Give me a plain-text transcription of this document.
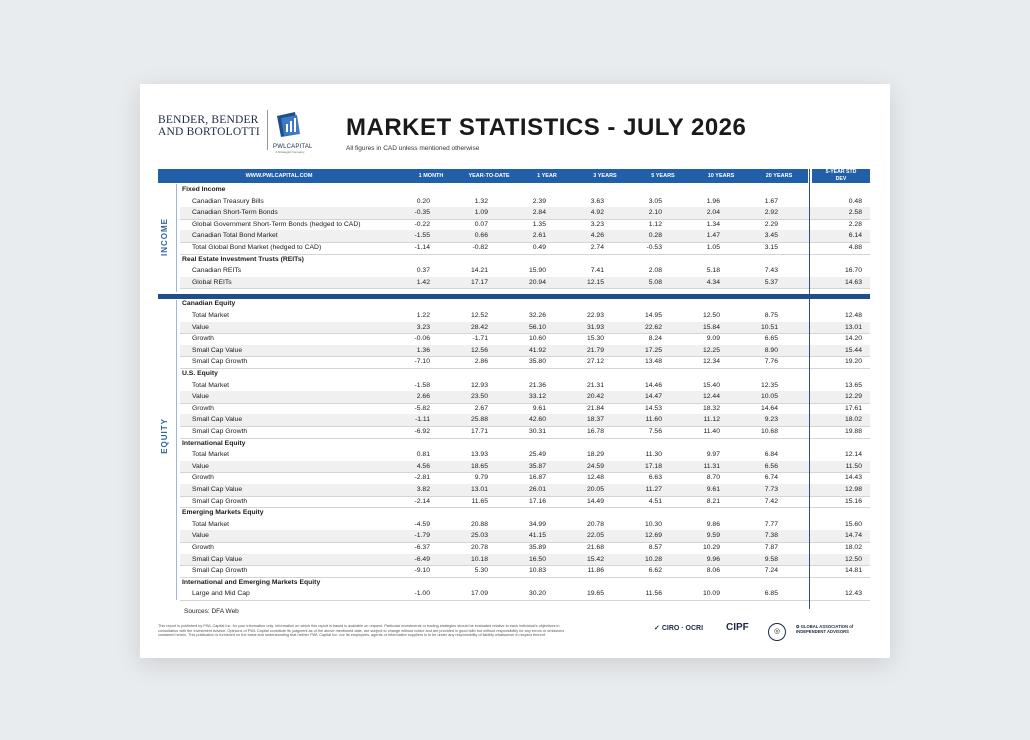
BENDER, BENDER
AND BORTOLOTTI
PWLCAPITAL
A Strategist Company
MARKET STATISTICS - JULY 2026
All figures in CAD unless mentioned otherwise
WWW.PWLCAPITAL.COM	1 MONTH	YEAR-TO-DATE	1 YEAR	3 YEARS	5 YEARS	10 YEARS	20 YEARS
5-YEAR STD
DEV
INCOME
EQUITY
Fixed Income
Canadian Treasury Bills	0.20	1.32	2.39	3.63	3.05	1.96	1.67	0.48
Canadian Short-Term Bonds	-0.35	1.09	2.84	4.92	2.10	2.04	2.92	2.58
Global Government Short-Term Bonds (hedged to CAD)	-0.22	0.07	1.35	3.23	1.12	1.34	2.29	2.28
Canadian Total Bond Market	-1.55	0.66	2.61	4.26	0.28	1.47	3.45	6.14
Total Global Bond Market (hedged to CAD)	-1.14	-0.82	0.49	2.74	-0.53	1.05	3.15	4.88
Real Estate Investment Trusts (REITs)
Canadian REITs	0.37	14.21	15.90	7.41	2.08	5.18	7.43	16.70
Global REITs	1.42	17.17	20.94	12.15	5.08	4.34	5.37	14.63
Canadian Equity
Total Market	1.22	12.52	32.26	22.93	14.95	12.50	8.75	12.48
Value	3.23	28.42	56.10	31.93	22.62	15.84	10.51	13.01
Growth	-0.06	-1.71	10.60	15.30	8.24	9.09	6.65	14.20
Small Cap Value	1.36	12.56	41.92	21.79	17.25	12.25	8.90	15.44
Small Cap Growth	-7.10	2.86	35.80	27.12	13.48	12.34	7.76	19.20
U.S. Equity
Total Market	-1.58	12.93	21.36	21.31	14.46	15.40	12.35	13.65
Value	2.66	23.50	33.12	20.42	14.47	12.44	10.05	12.29
Growth	-5.82	2.67	9.61	21.84	14.53	18.32	14.64	17.61
Small Cap Value	-1.11	25.88	42.60	18.37	11.60	11.12	9.23	18.02
Small Cap Growth	-6.92	17.71	30.31	16.78	7.56	11.40	10.68	19.88
International Equity
Total Market	0.81	13.93	25.49	18.29	11.30	9.97	6.84	12.14
Value	4.56	18.65	35.87	24.59	17.18	11.31	6.56	11.50
Growth	-2.81	9.79	16.87	12.48	6.63	8.70	6.74	14.43
Small Cap Value	3.82	13.01	26.01	20.05	11.27	9.61	7.73	12.98
Small Cap Growth	-2.14	11.65	17.16	14.49	4.51	8.21	7.42	15.16
Emerging Markets Equity
Total Market	-4.59	20.88	34.99	20.78	10.30	9.86	7.77	15.60
Value	-1.79	25.03	41.15	22.05	12.69	9.59	7.38	14.74
Growth	-6.37	20.78	35.89	21.68	8.57	10.29	7.87	18.02
Small Cap Value	-6.49	10.18	16.50	15.42	10.28	9.96	9.58	12.50
Small Cap Growth	-9.10	5.30	10.83	11.86	6.62	8.06	7.24	14.81
International and Emerging Markets Equity
Large and Mid Cap	-1.00	17.09	30.20	19.65	11.56	10.09	6.85	12.43
Sources: DFA Web
This report is published by PWL Capital Inc. for your information only. Information on which this report is based is available on request. Particular investments or trading strategies should be evaluated relative to each individual's objectives in consultation with the Investment Advisor. Opinions of PWL Capital constitute its judgment as of the above mentioned date, are subject to change without notice and are provided in good faith but without responsibility for any errors or omissions contained herein. This publication is furnished on the basis and understanding that neither PWL Capital Inc. nor its employees, agents or information suppliers is to be under any responsibility of liability whatsoever in respect thereof.
✓ CIRO · OCRI CIPF	◎
✪ GLOBAL ASSOCIATION of INDEPENDENT ADVISORS
